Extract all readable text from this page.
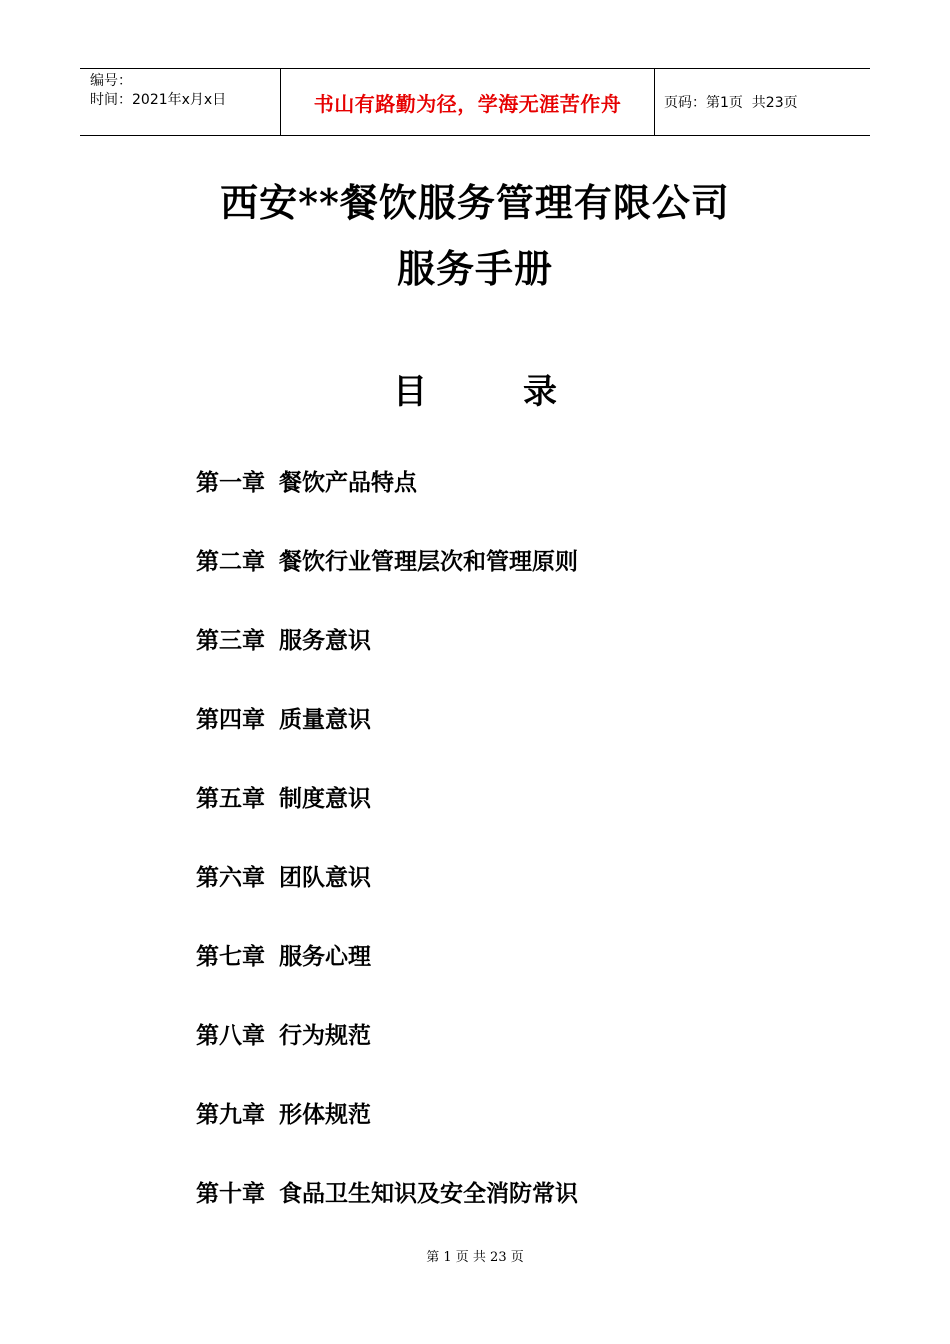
编号：
时间：2021年x月x日	书山有路勤为径，学海无涯苦作舟	页码：第1页  共23页
西安**餐饮服务管理有限公司
服务手册
目	录
第一章 餐饮产品特点
第二章 餐饮行业管理层次和管理原则
第三章 服务意识
第四章 质量意识
第五章 制度意识
第六章 团队意识
第七章 服务心理
第八章 行为规范
第九章 形体规范
第十章 食品卫生知识及安全消防常识
第 1 页 共 23 页
